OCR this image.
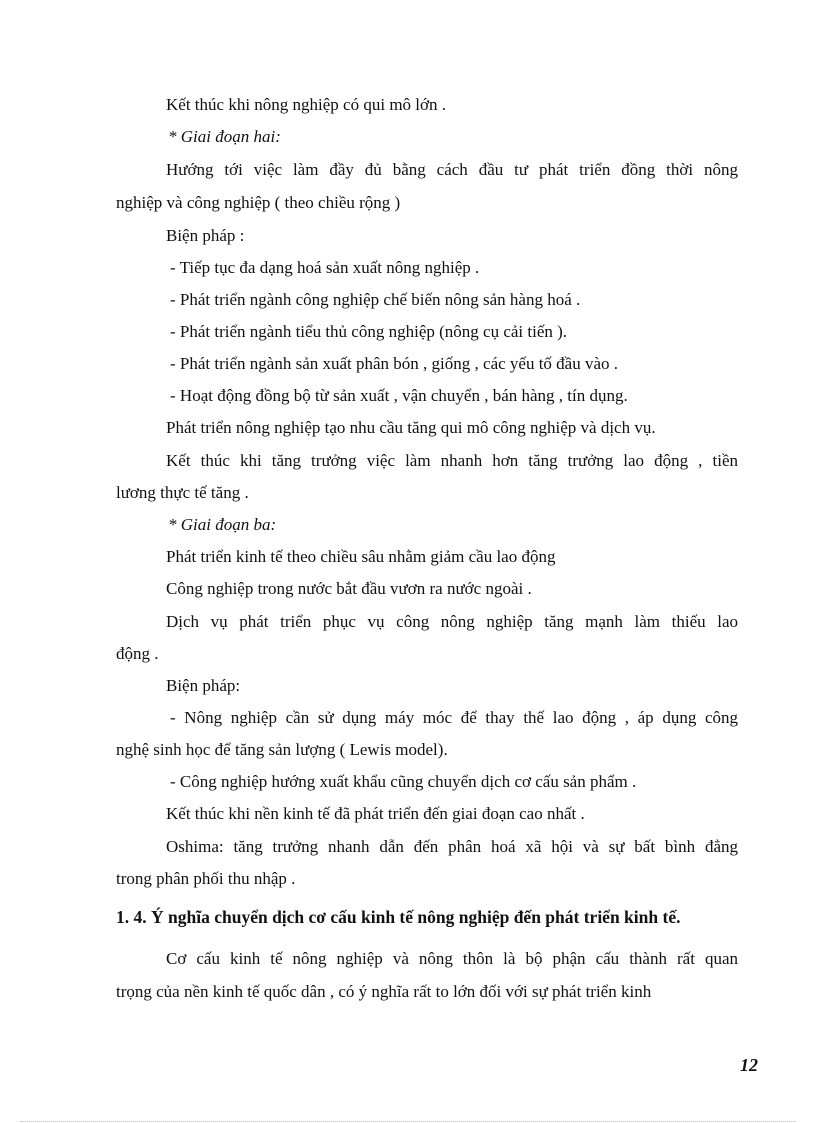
Kết thúc khi nông nghiệp có qui mô lớn .
* Giai đoạn hai:
Hướng tới việc làm đầy đủ bằng cách đầu tư phát triển đồng thời nông
nghiệp và công nghiệp ( theo chiều rộng )
Biện pháp :
- Tiếp tục đa dạng hoá sản xuất nông nghiệp .
- Phát triển ngành công nghiệp chế biến nông sản hàng hoá .
- Phát triển ngành tiểu thủ công nghiệp (nông cụ cải tiến ).
- Phát triển ngành sản xuất phân bón , giống , các yếu tố đầu vào .
- Hoạt động đồng bộ từ sản xuất , vận chuyển , bán hàng , tín dụng.
Phát triển nông nghiệp tạo nhu cầu tăng qui mô công nghiệp và dịch vụ.
Kết thúc khi tăng trưởng việc làm nhanh hơn tăng trưởng lao động , tiền
lương thực tế tăng .
* Giai đoạn ba:
Phát triển kinh tế theo chiều sâu nhằm giảm cầu lao động
Công nghiệp trong nước bắt đầu vươn ra nước ngoài .
Dịch vụ phát triển phục vụ công nông nghiệp tăng mạnh làm thiếu lao
động .
Biện pháp:
- Nông nghiệp cần sử dụng máy móc để thay thế lao động , áp dụng công
nghệ sinh học để tăng sản lượng ( Lewis model).
- Công nghiệp hướng xuất khẩu cũng chuyển dịch cơ cấu sản phẩm .
Kết thúc khi nền kinh tế đã phát triển đến giai đoạn cao nhất .
Oshima: tăng trưởng nhanh dẫn đến phân hoá xã hội và sự bất bình đẳng
trong phân phối thu nhập .
1. 4. Ý nghĩa chuyển dịch cơ cấu kinh tế nông nghiệp đến phát triển kinh tế.
Cơ cấu kinh tế nông nghiệp và nông thôn là bộ phận cấu thành rất quan
trọng của nền kinh tế quốc dân , có ý nghĩa rất to lớn đối với sự phát triển kinh
12
